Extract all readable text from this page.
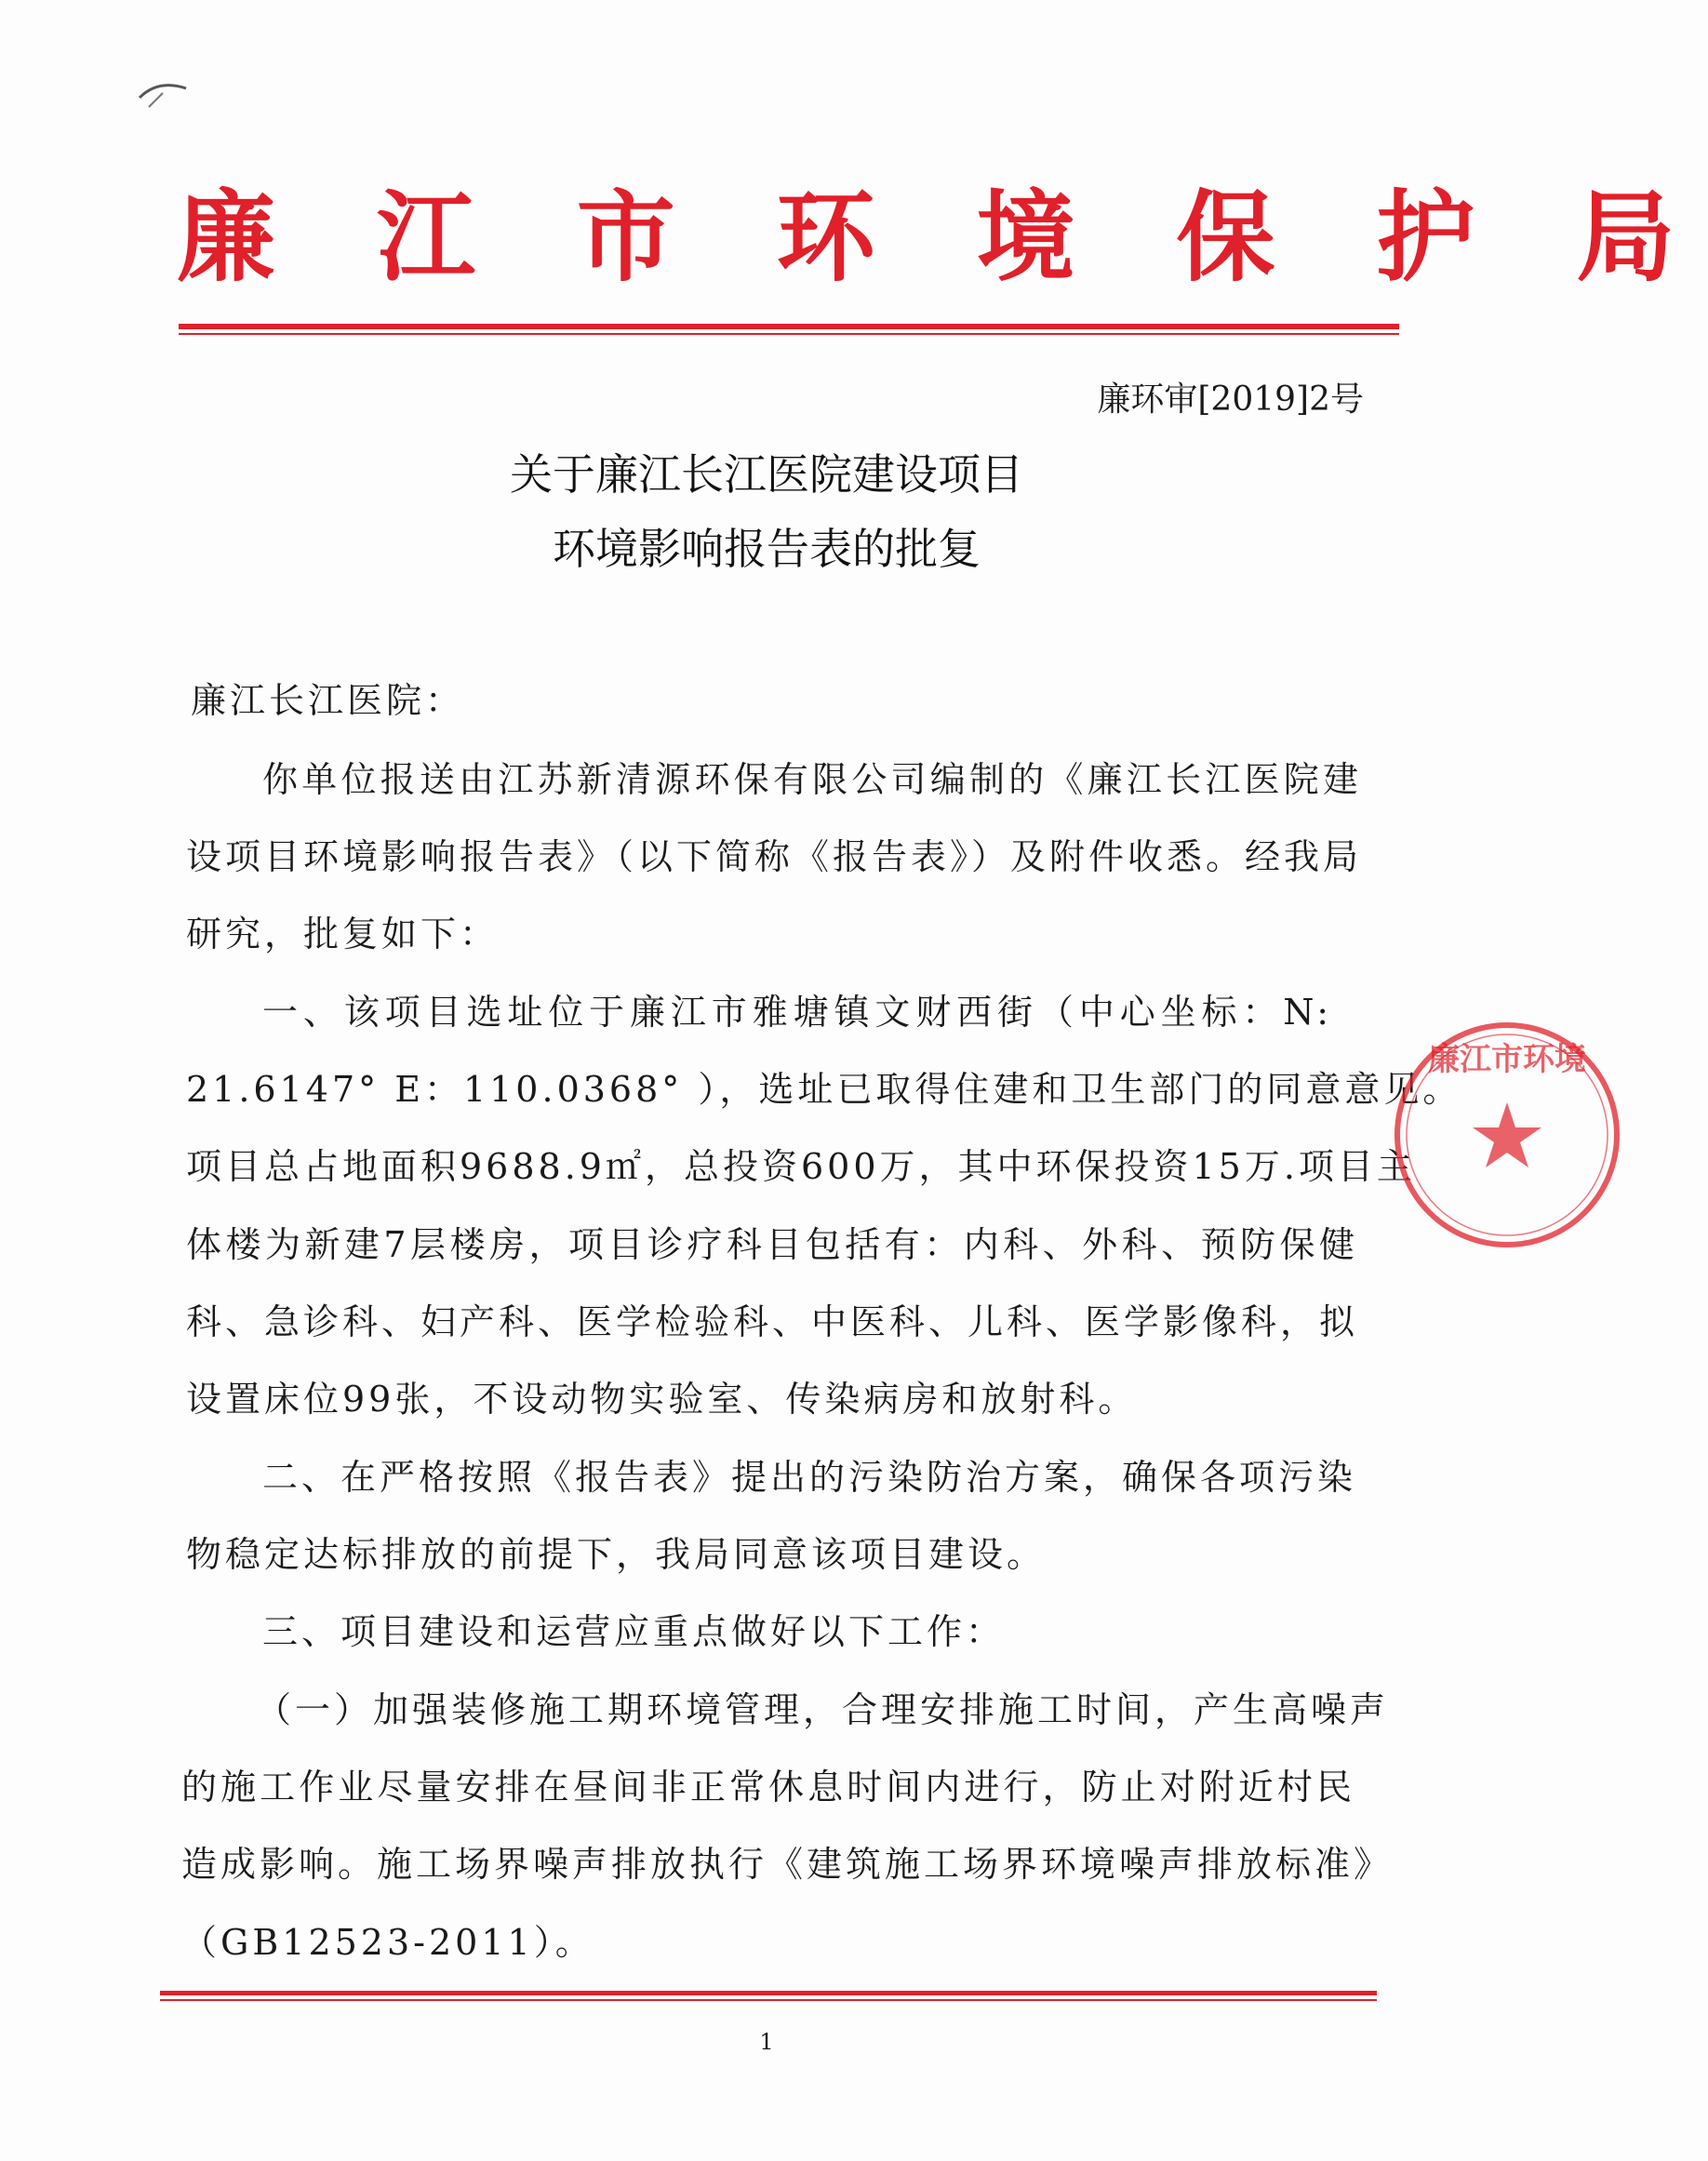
廉 江 市 环 境 保 护 局
廉环审[2019]2号
关于廉江长江医院建设项目
环境影响报告表的批复
廉江长江医院：
你单位报送由江苏新清源环保有限公司编制的《廉江长江医院建
设项目环境影响报告表》（以下简称《报告表》）及附件收悉。经我局
研究，批复如下：
一、该项目选址位于廉江市雅塘镇文财西街（中心坐标：N:
21.6147° E：110.0368° ），选址已取得住建和卫生部门的同意意见。
项目总占地面积9688.9㎡，总投资600万，其中环保投资15万.项目主
体楼为新建7层楼房，项目诊疗科目包括有：内科、外科、预防保健
科、急诊科、妇产科、医学检验科、中医科、儿科、医学影像科，拟
设置床位99张，不设动物实验室、传染病房和放射科。
二、在严格按照《报告表》提出的污染防治方案，确保各项污染
物稳定达标排放的前提下，我局同意该项目建设。
三、项目建设和运营应重点做好以下工作：
（一）加强装修施工期环境管理，合理安排施工时间，产生高噪声
的施工作业尽量安排在昼间非正常休息时间内进行，防止对附近村民
造成影响。施工场界噪声排放执行《建筑施工场界环境噪声排放标准》
（GB12523-2011）。
1
廉江市环境
